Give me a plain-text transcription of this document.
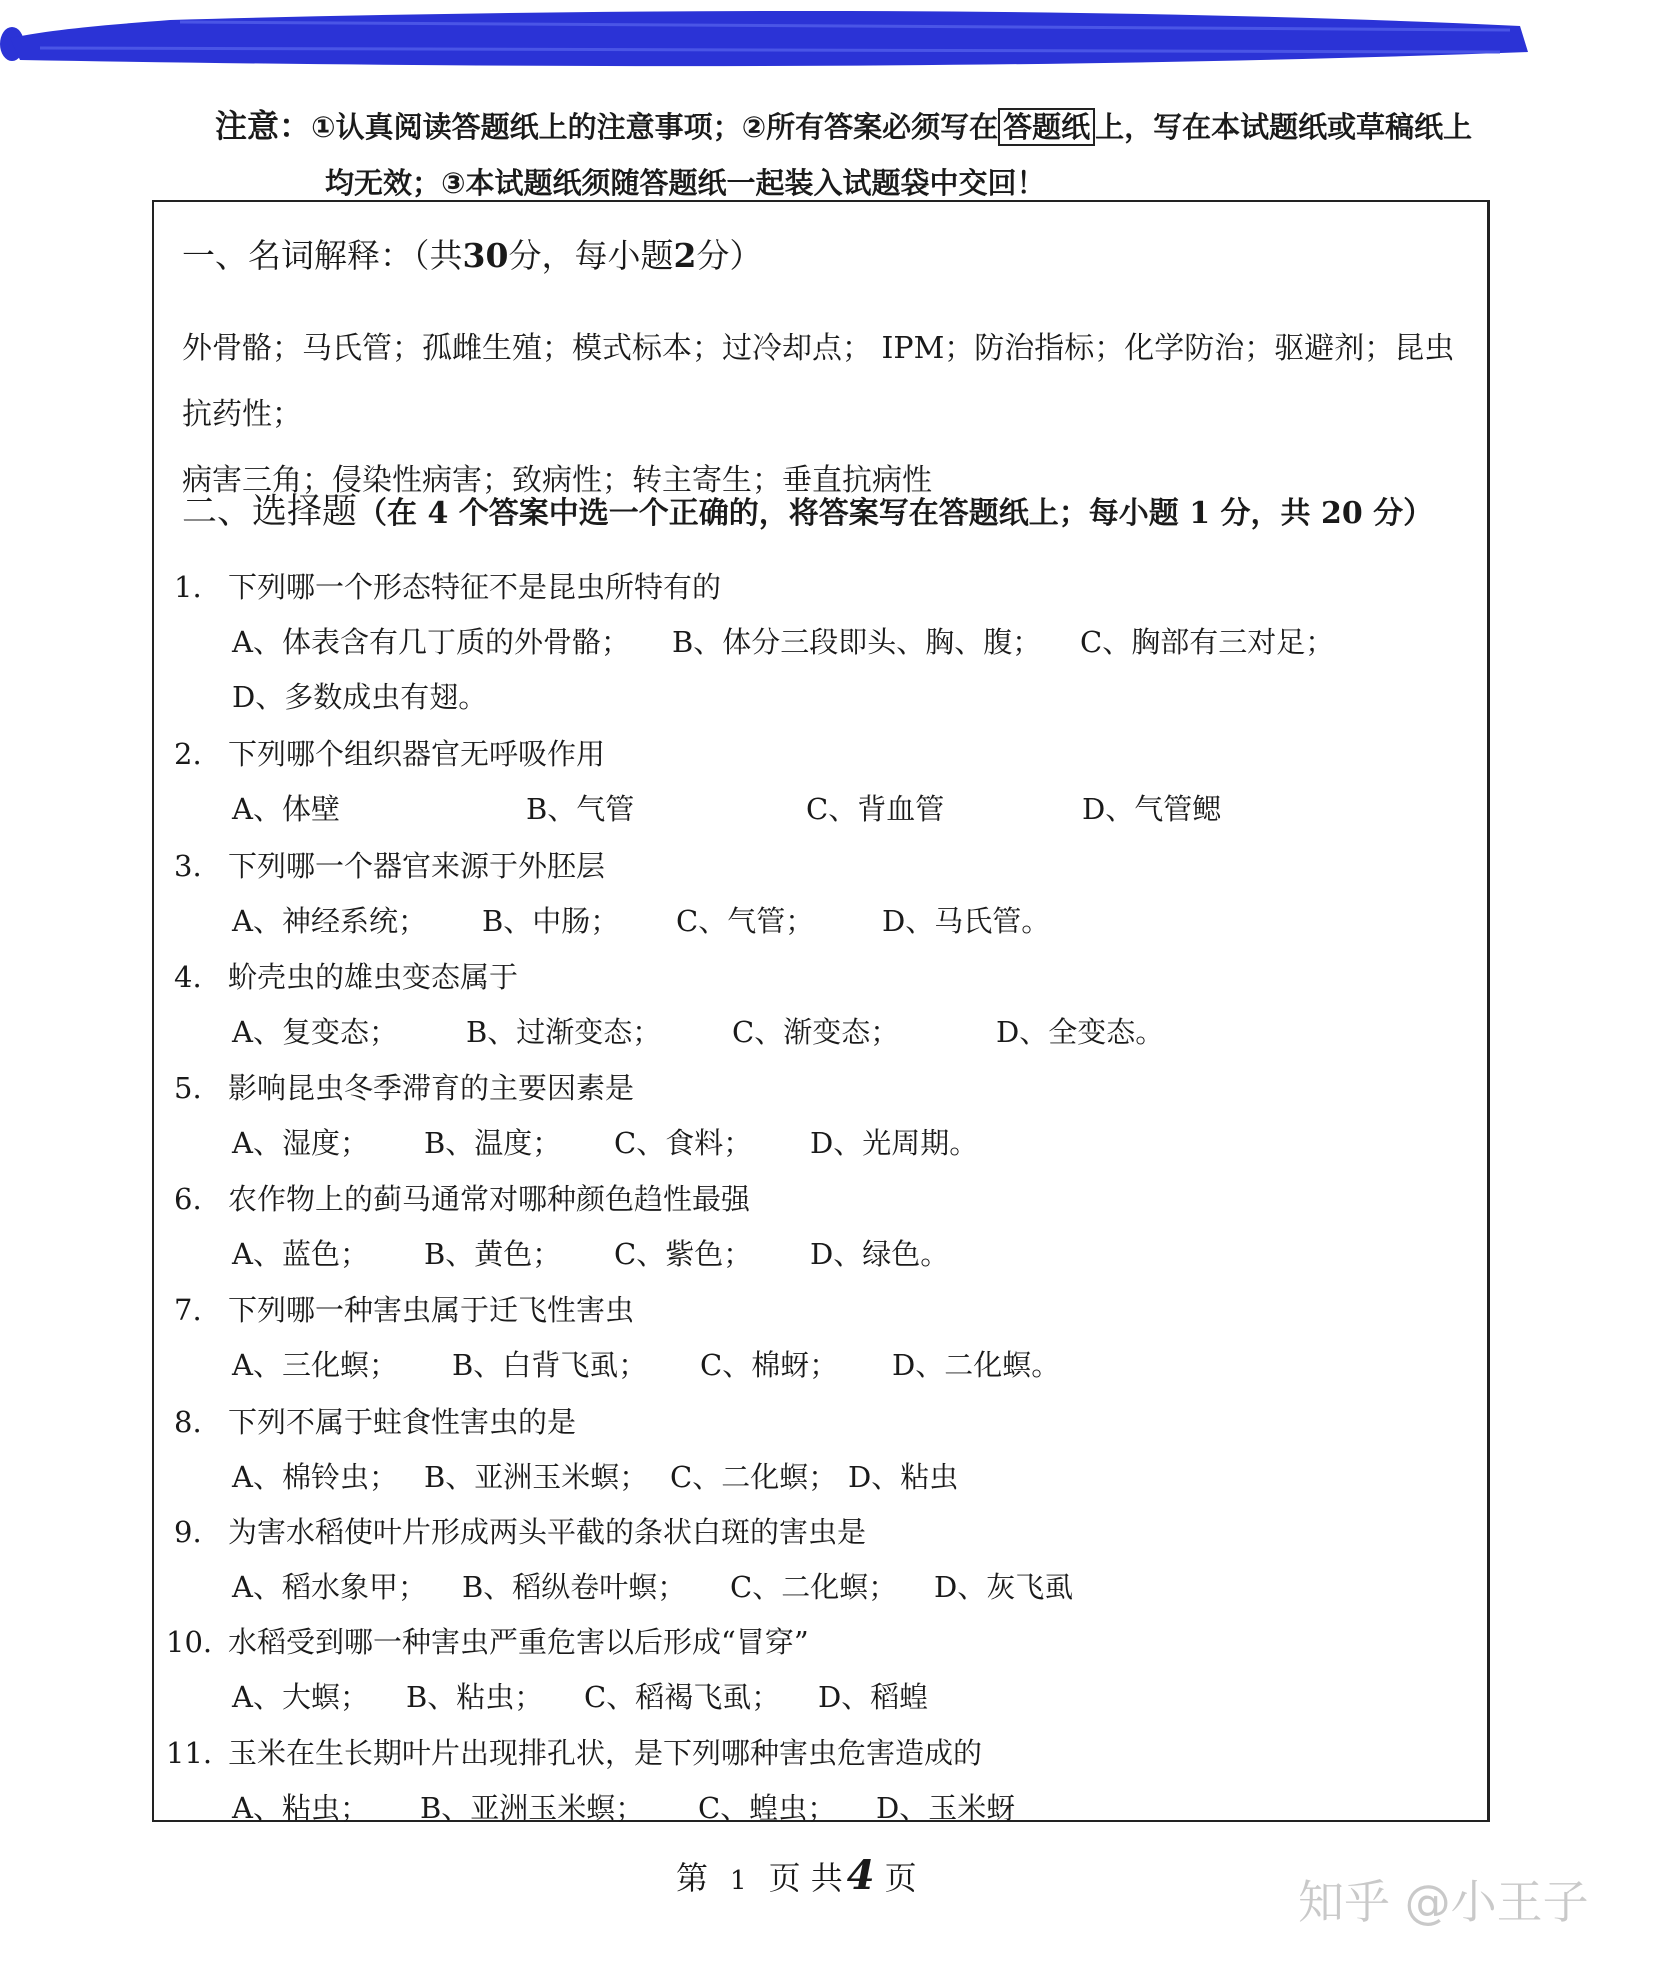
注意：①认真阅读答题纸上的注意事项；②所有答案必须写在 答题纸 上，写在本试题纸或草稿纸上
均无效；③本试题纸须随答题纸一起装入试题袋中交回！
一、名词解释：（共30分，每小题2分）
外骨骼；马氏管；孤雌生殖；模式标本；过冷却点； IPM；防治指标；化学防治；驱避剂；昆虫抗药性；
病害三角；侵染性病害；致病性；转主寄生；垂直抗病性
二、选择题（在 4 个答案中选一个正确的，将答案写在答题纸上；每小题 1 分，共 20 分）
1. 下列哪一个形态特征不是昆虫所特有的
A、体表含有几丁质的外骨骼； B、体分三段即头、胸、腹； C、胸部有三对足；
D、多数成虫有翅。
2. 下列哪个组织器官无呼吸作用
A、体壁	B、气管	C、背血管	D、气管鳃
3. 下列哪一个器官来源于外胚层
A、神经系统； B、中肠； C、气管； D、马氏管。
4. 蚧壳虫的雄虫变态属于
A、复变态； B、过渐变态； C、渐变态；	D、全变态。
5. 影响昆虫冬季滞育的主要因素是
A、湿度； B、温度； C、食料； D、光周期。
6. 农作物上的蓟马通常对哪种颜色趋性最强
A、蓝色； B、黄色； C、紫色； D、绿色。
7. 下列哪一种害虫属于迁飞性害虫
A、三化螟； B、白背飞虱； C、棉蚜； D、二化螟。
8. 下列不属于蛀食性害虫的是
A、棉铃虫； B、亚洲玉米螟； C、二化螟； D、粘虫
9. 为害水稻使叶片形成两头平截的条状白斑的害虫是
A、稻水象甲； B、稻纵卷叶螟； C、二化螟； D、灰飞虱
10. 水稻受到哪一种害虫严重危害以后形成“冒穿”
A、大螟； B、粘虫； C、稻褐飞虱； D、稻蝗
11. 玉米在生长期叶片出现排孔状，是下列哪种害虫危害造成的
A、粘虫； B、亚洲玉米螟； C、蝗虫； D、玉米蚜
第 1 页 共 4 页	知乎 @小王子
